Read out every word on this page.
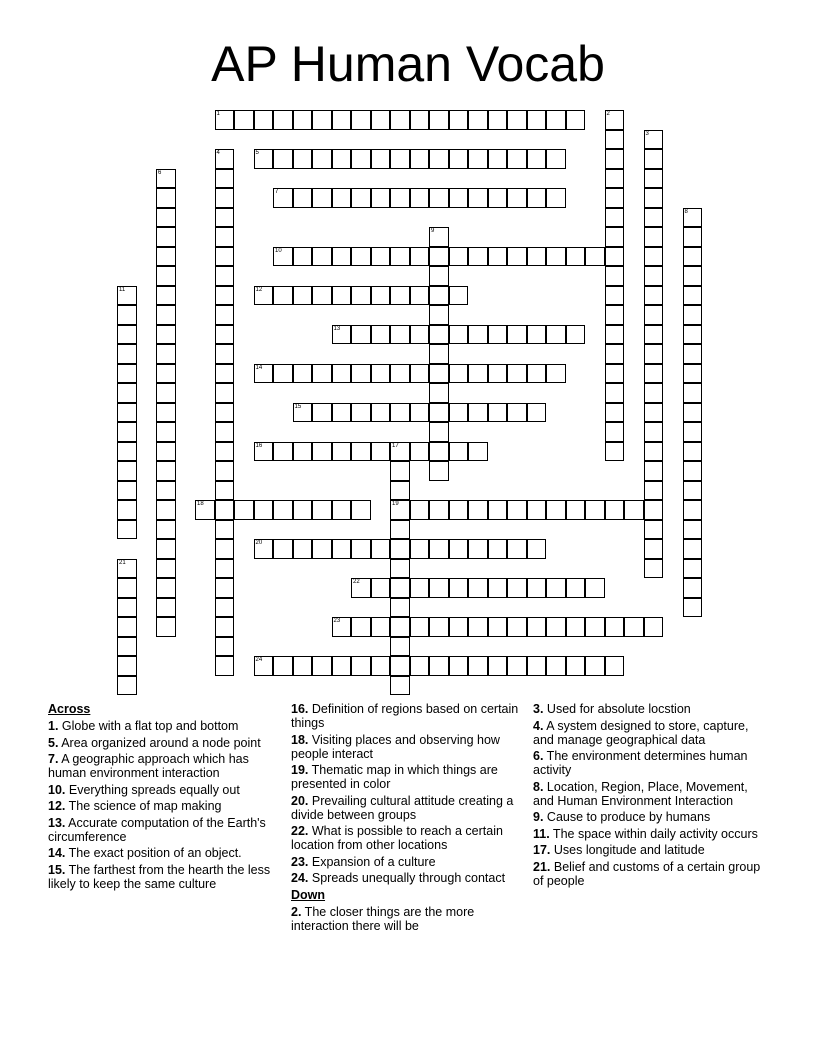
AP Human Vocab
1	2
3
4	5
6
7
8
9
10
11	12
13
14
15
16	17
19
18
20
21
22
23
24
Across
1. Globe with a flat top and bottom
5. Area organized around a node point
7. A geographic approach which has human environment interaction
10. Everything spreads equally out
12. The science of map making
13. Accurate computation of the Earth's circumference
14. The exact position of an object.
15. The farthest from the hearth the less likely to keep the same culture
16. Definition of regions based on certain things
18. Visiting places and observing how people interact
19. Thematic map in which things are presented in color
20. Prevailing cultural attitude creating a divide between groups
22. What is possible to reach a certain location from other locations
23. Expansion of a culture
24. Spreads unequally through contact
Down
2. The closer things are the more interaction there will be
3. Used for absolute locstion
4. A system designed to store, capture, and manage geographical data
6. The environment determines human activity
8. Location, Region, Place, Movement, and Human Environment Interaction
9. Cause to produce by humans
11. The space within daily activity occurs
17. Uses longitude and latitude
21. Belief and customs of a certain group of people
